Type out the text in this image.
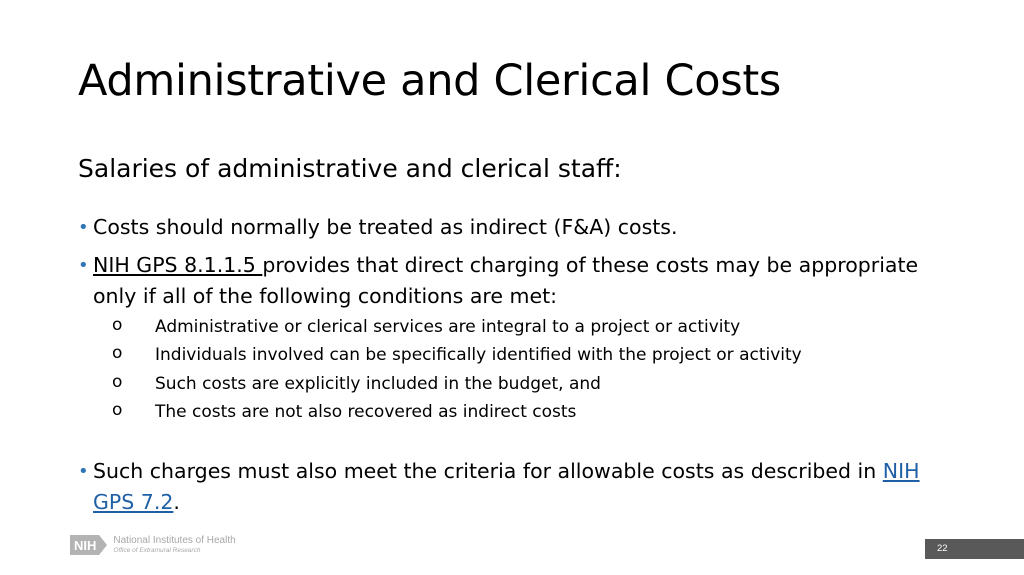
Administrative and Clerical Costs
Salaries of administrative and clerical staff:
• Costs should normally be treated as indirect (F&A) costs.
• NIH GPS 8.1.1.5 provides that direct charging of these costs may be appropriate only if all of the following conditions are met:
o Administrative or clerical services are integral to a project or activity
o Individuals involved can be specifically identified with the project or activity
o Such costs are explicitly included in the budget, and
o The costs are not also recovered as indirect costs
• Such charges must also meet the criteria for allowable costs as described in NIH GPS 7.2.
NIH	National Institutes of Health
Office of Extramural Research	22
